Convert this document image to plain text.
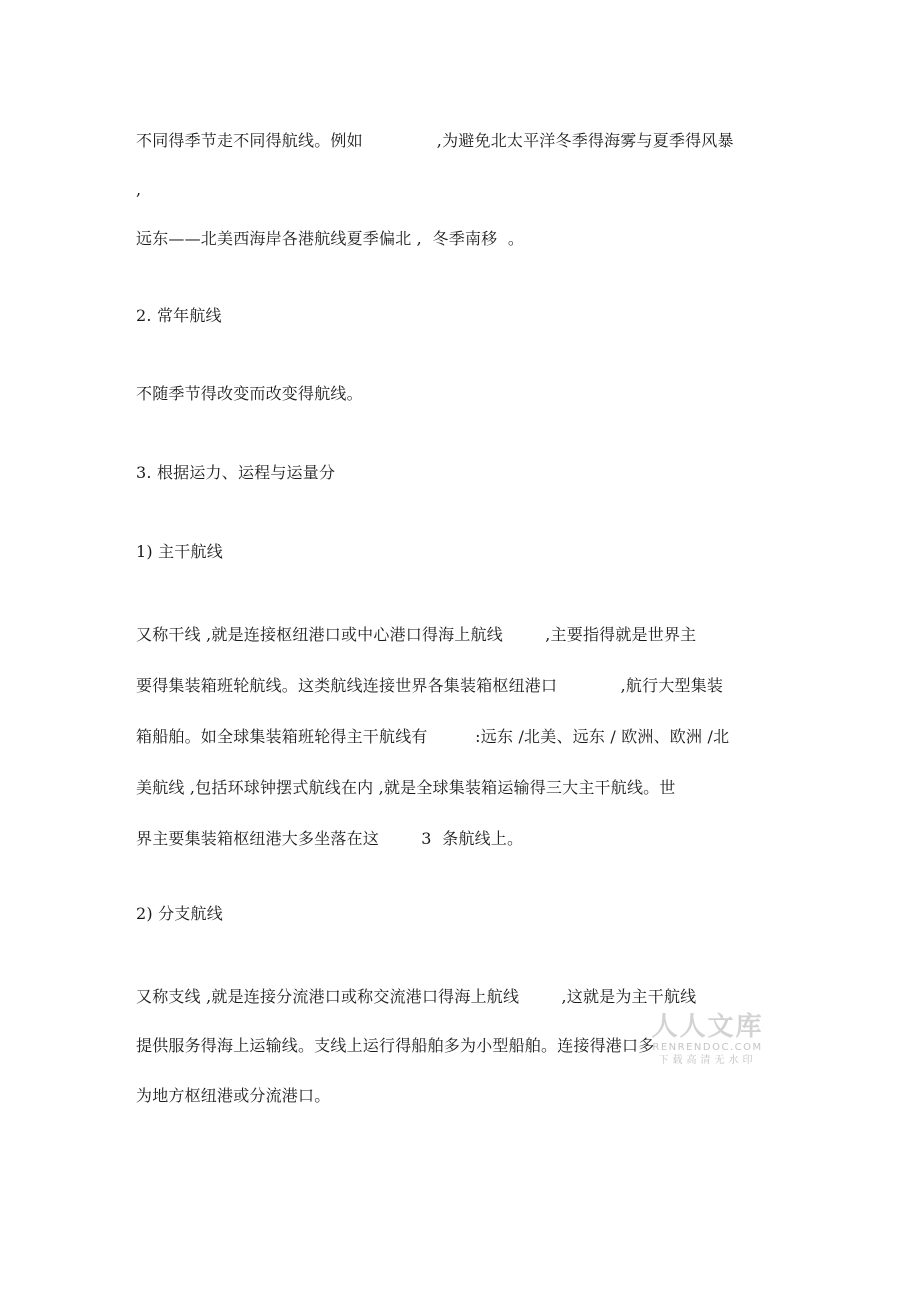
不同得季节走不同得航线。例如              ,为避免北太平洋冬季得海雾与夏季得风暴
,
远东——北美西海岸各港航线夏季偏北 ,  冬季南移  。
2. 常年航线
不随季节得改变而改变得航线。
3. 根据运力、运程与运量分
1) 主干航线
又称干线 ,就是连接枢纽港口或中心港口得海上航线        ,主要指得就是世界主
要得集装箱班轮航线。这类航线连接世界各集装箱枢纽港口            ,航行大型集装
箱船舶。如全球集装箱班轮得主干航线有         :远东 /北美、远东 / 欧洲、欧洲 /北
美航线 ,包括环球钟摆式航线在内 ,就是全球集装箱运输得三大主干航线。世
界主要集装箱枢纽港大多坐落在这        3  条航线上。
2) 分支航线
又称支线 ,就是连接分流港口或称交流港口得海上航线        ,这就是为主干航线
提供服务得海上运输线。支线上运行得船舶多为小型船舶。连接得港口多
为地方枢纽港或分流港口。
人人文库
RENRENDOC.COM
下载高清无水印
